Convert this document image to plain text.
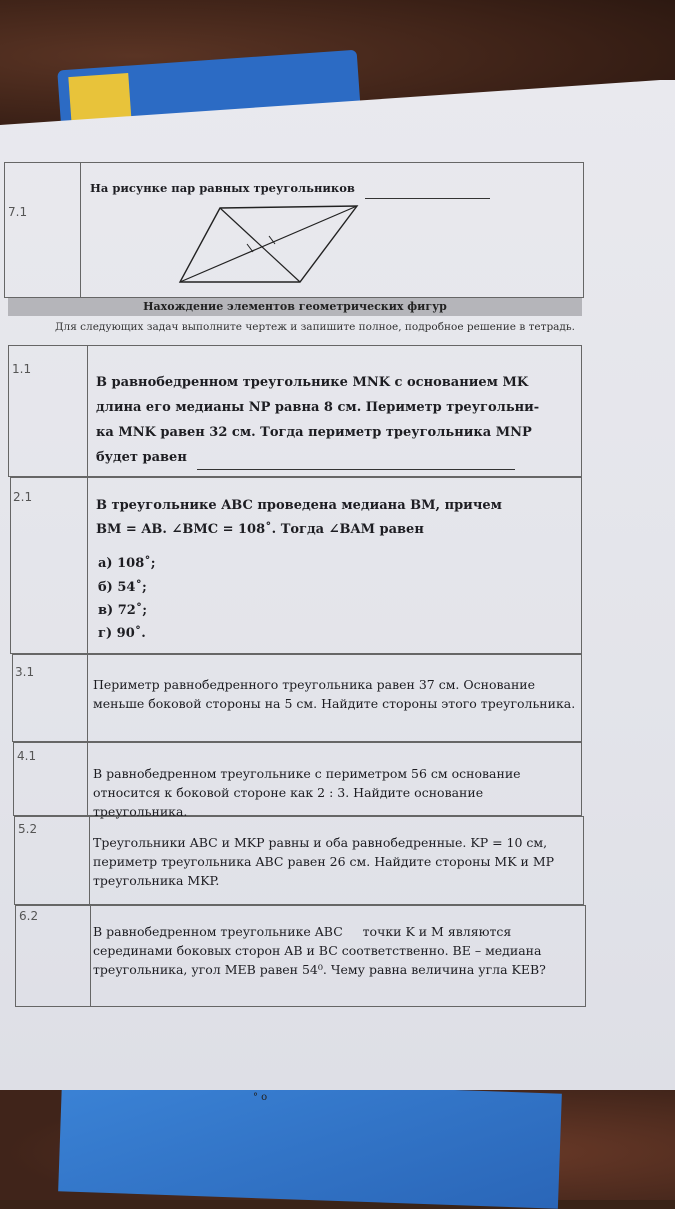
7.1
На рисунке пар равных треугольников
Нахождение элементов геометрических фигур
Для следующих задач выполните чертеж и запишите полное, подробное решение в тетрадь.
1.1
В равнобедренном треугольнике MNK с основанием MK
длина его медианы NP равна 8 см. Периметр треугольни-
ка MNK равен 32 см. Тогда периметр треугольника MNP
будет равен
2.1
В треугольнике ABC проведена медиана BM, причем
BM = AB. ∠BMC = 108˚. Тогда ∠BAM равен
а) 108˚;
б) 54˚;
в) 72˚;
г) 90˚.
3.1
Периметр равнобедренного треугольника равен 37 см. Основание
меньше боковой стороны на 5 см. Найдите стороны этого треугольника.
4.1
В равнобедренном треугольнике с периметром 56 см основание
относится к боковой стороне как 2 : 3. Найдите основание треугольника.
5.2
Треугольники ABC и MKP равны и оба равнобедренные. KP = 10 см,
периметр треугольника ABC равен 26 см. Найдите стороны MK и MP
треугольника MKP.
6.2
В равнобедренном треугольнике ABC     точки K и M являются
серединами боковых сторон AB и BC соответственно. BE – медиана
треугольника, угол MEB равен 54⁰. Чему равна величина угла KEB?
° o
